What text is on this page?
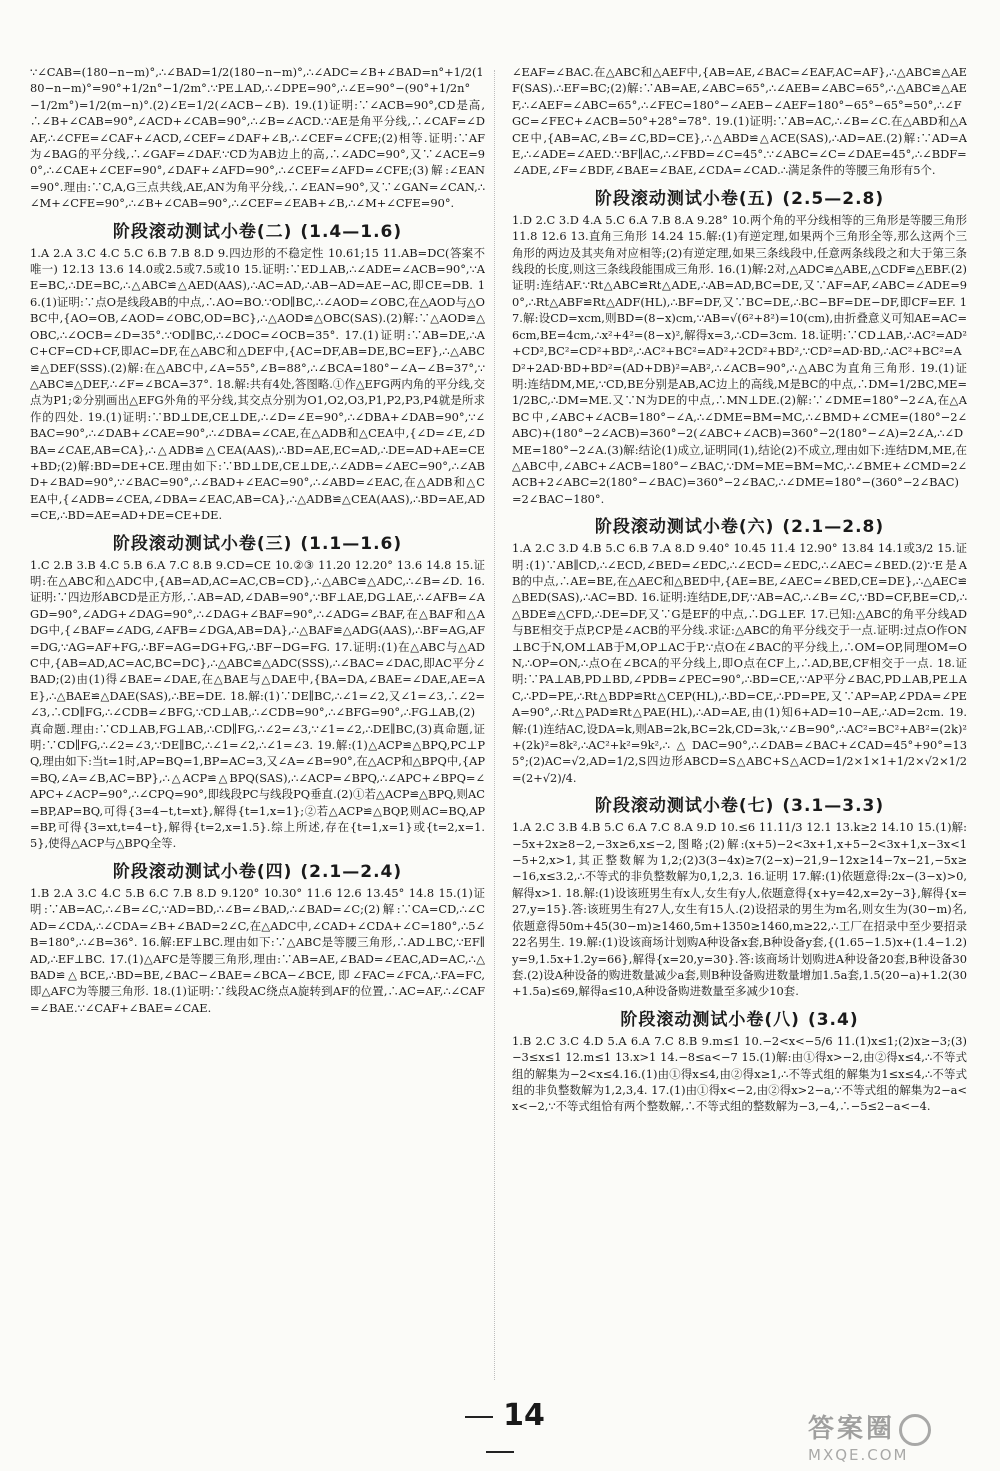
∵∠CAB=(180−n−m)°,∴∠BAD=1/2(180−n−m)°,∴∠ADC=∠B+∠BAD=n°+1/2(180−n−m)°=90°+1/2n°−1/2m°.∵PE⊥AD,∴∠DPE=90°,∴∠E=90°−(90°+1/2n°−1/2m°)=1/2(m−n)°.(2)∠E=1/2(∠ACB−∠B). 19.(1)证明:∵∠ACB=90°,CD是高,∴∠B+∠CAB=90°,∠ACD+∠CAB=90°,∴∠B=∠ACD.∵AE是角平分线,∴∠CAF=∠DAF,∴∠CFE=∠CAF+∠ACD,∠CEF=∠DAF+∠B,∴∠CEF=∠CFE;(2)相等.证明:∵AF为∠BAG的平分线,∴∠GAF=∠DAF.∵CD为AB边上的高,∴∠ADC=90°,又∵∠ACE=90°,∴∠CAE+∠CEF=90°,∠DAF+∠AFD=90°,∴∠CEF=∠AFD=∠CFE;(3)解:∠EAN=90°.理由:∵C,A,G三点共线,AE,AN为角平分线,∴∠EAN=90°,又∵∠GAN=∠CAN,∴∠M+∠CFE=90°,∴∠B+∠CAB=90°,∴∠CEF=∠EAB+∠B,∴∠M+∠CFE=90°.

阶段滚动测试小卷(二) (1.4—1.6)

1.A 2.A 3.C 4.C 5.C 6.B 7.B 8.D 9.四边形的不稳定性 10.61;15 11.AB=DC(答案不唯一) 12.13 13.6 14.0或2.5或7.5或10 15.证明:∵ED⊥AB,∴∠ADE=∠ACB=90°,∵AE=BC,∴DE=BC,∴△ABC≌△AED(AAS),∴AC=AD,∴AB−AD=AE−AC,即CE=DB. 16.(1)证明:∵点O是线段AB的中点,∴AO=BO.∵OD∥BC,∴∠AOD=∠OBC,在△AOD与△OBC中,{AO=OB,∠AOD=∠OBC,OD=BC},∴△AOD≌△OBC(SAS).(2)解:∵△AOD≌△OBC,∴∠OCB=∠D=35°.∵OD∥BC,∴∠DOC=∠OCB=35°. 17.(1)证明:∵AB=DE,∴AC+CF=CD+CF,即AC=DF,在△ABC和△DEF中,{AC=DF,AB=DE,BC=EF},∴△ABC≌△DEF(SSS).(2)解:在△ABC中,∠A=55°,∠B=88°,∴∠BCA=180°−∠A−∠B=37°,∵△ABC≌△DEF,∴∠F=∠BCA=37°. 18.解:共有4处,答图略.①作△EFG两内角的平分线,交点为P1;②分别画出△EFG外角的平分线,其交点分别为O1,O2,O3,P1,P2,P3,P4就是所求作的四处. 19.(1)证明:∵BD⊥DE,CE⊥DE,∴∠D=∠E=90°,∴∠DBA+∠DAB=90°,∵∠BAC=90°,∴∠DAB+∠CAE=90°,∴∠DBA=∠CAE,在△ADB和△CEA中,{∠D=∠E,∠DBA=∠CAE,AB=CA},∴△ADB≌△CEA(AAS),∴BD=AE,EC=AD,∴DE=AD+AE=CE+BD;(2)解:BD=DE+CE.理由如下:∵BD⊥DE,CE⊥DE,∴∠ADB=∠AEC=90°,∴∠ABD+∠BAD=90°,∵∠BAC=90°,∴∠BAD+∠EAC=90°,∴∠ABD=∠EAC,在△ADB和△CEA中,{∠ADB=∠CEA,∠DBA=∠EAC,AB=CA},∴△ADB≌△CEA(AAS),∴BD=AE,AD=CE,∴BD=AE=AD+DE=CE+DE.

阶段滚动测试小卷(三) (1.1—1.6)

1.C 2.B 3.B 4.C 5.B 6.A 7.C 8.B 9.CD=CE 10.②③ 11.20 12.20° 13.6 14.8 15.证明:在△ABC和△ADC中,{AB=AD,AC=AC,CB=CD},∴△ABC≌△ADC,∴∠B=∠D. 16.证明:∵四边形ABCD是正方形,∴AB=AD,∠DAB=90°,∵BF⊥AE,DG⊥AE,∴∠AFB=∠AGD=90°,∠ADG+∠DAG=90°,∴∠DAG+∠BAF=90°,∴∠ADG=∠BAF,在△BAF和△ADG中,{∠BAF=∠ADG,∠AFB=∠DGA,AB=DA},∴△BAF≌△ADG(AAS),∴BF=AG,AF=DG,∵AG=AF+FG,∴BF=AG=DG+FG,∴BF−DG=FG. 17.证明:(1)在△ABC与△ADC中,{AB=AD,AC=AC,BC=DC},∴△ABC≌△ADC(SSS),∴∠BAC=∠DAC,即AC平分∠BAD;(2)由(1)得∠BAE=∠DAE,在△BAE与△DAE中,{BA=DA,∠BAE=∠DAE,AE=AE},∴△BAE≌△DAE(SAS),∴BE=DE. 18.解:(1)∵DE∥BC,∴∠1=∠2,又∠1=∠3,∴∠2=∠3,∴CD∥FG,∴∠CDB=∠BFG,∵CD⊥AB,∴∠CDB=90°,∴∠BFG=90°,∴FG⊥AB,(2)真命题.理由:∵CD⊥AB,FG⊥AB,∴CD∥FG,∴∠2=∠3,∵∠1=∠2,∴DE∥BC,(3)真命题,证明:∵CD∥FG,∴∠2=∠3,∵DE∥BC,∴∠1=∠2,∴∠1=∠3. 19.解:(1)△ACP≌△BPQ,PC⊥PQ,理由如下:当t=1时,AP=BQ=1,BP=AC=3,又∠A=∠B=90°,在△ACP和△BPQ中,{AP=BQ,∠A=∠B,AC=BP},∴△ACP≌△BPQ(SAS),∴∠ACP=∠BPQ,∴∠APC+∠BPQ=∠APC+∠ACP=90°,∴∠CPQ=90°,即线段PC与线段PQ垂直.(2)①若△ACP≌△BPQ,则AC=BP,AP=BQ,可得{3=4−t,t=xt},解得{t=1,x=1};②若△ACP≌△BQP,则AC=BQ,AP=BP,可得{3=xt,t=4−t},解得{t=2,x=1.5}.综上所述,存在{t=1,x=1}或{t=2,x=1.5},使得△ACP与△BPQ全等.

阶段滚动测试小卷(四) (2.1—2.4)

1.B 2.A 3.C 4.C 5.B 6.C 7.B 8.D 9.120° 10.30° 11.6 12.6 13.45° 14.8 15.(1)证明:∵AB=AC,∴∠B=∠C,∵AD=BD,∴∠B=∠BAD,∴∠BAD=∠C;(2)解:∵CA=CD,∴∠CAD=∠CDA,∴∠CDA=∠B+∠BAD=2∠C,在△ADC中,∠CAD+∠CDA+∠C=180°,∴5∠B=180°,∴∠B=36°. 16.解:EF⊥BC.理由如下:∵△ABC是等腰三角形,∴AD⊥BC,∵EF∥AD,∴EF⊥BC. 17.(1)△AFC是等腰三角形,理由:∵AB=AE,∠BAD=∠EAC,AD=AC,∴△BAD≌△BCE,∴BD=BE,∠BAC−∠BAE=∠BCA−∠BCE,即∠FAC=∠FCA,∴FA=FC,即△AFC为等腰三角形. 18.(1)证明:∵线段AC绕点A旋转到AF的位置,∴AC=AF,∴∠CAF=∠BAE.∵∠CAF+∠BAE=∠CAE.

∠EAF=∠BAC.在△ABC和△AEF中,{AB=AE,∠BAC=∠EAF,AC=AF},∴△ABC≌△AEF(SAS).∴EF=BC;(2)解:∵AB=AE,∠ABC=65°,∴∠AEB=∠ABC=65°,∴△ABC≌△AEF,∴∠AEF=∠ABC=65°,∴∠FEC=180°−∠AEB−∠AEF=180°−65°−65°=50°,∴∠FGC=∠FEC+∠ACB=50°+28°=78°. 19.(1)证明:∵AB=AC,∴∠B=∠C.在△ABD和△ACE中,{AB=AC,∠B=∠C,BD=CE},∴△ABD≌△ACE(SAS),∴AD=AE.(2)解:∵AD=AE,∴∠ADE=∠AED.∵BF∥AC,∴∠FBD=∠C=45°.∵∠ABC=∠C=∠DAE=45°,∴∠BDF=∠ADE,∠F=∠BDF,∠BAE=∠BAE,∠CDA=∠CAD.∴满足条件的等腰三角形有5个.

阶段滚动测试小卷(五) (2.5—2.8)

1.D 2.C 3.D 4.A 5.C 6.A 7.B 8.A 9.28° 10.两个角的平分线相等的三角形是等腰三角形 11.8 12.6 13.直角三角形 14.24 15.解:(1)有逆定理,如果两个三角形全等,那么这两个三角形的两边及其夹角对应相等;(2)有逆定理,如果三条线段中,任意两条线段之和大于第三条线段的长度,则这三条线段能围成三角形. 16.(1)解:2对,△ADC≌△ABE,△CDF≌△EBF.(2)证明:连结AF.∵Rt△ABC≌Rt△ADE,∴AB=AD,BC=DE,又∵AF=AF,∠ABC=∠ADE=90°,∴Rt△ABF≌Rt△ADF(HL),∴BF=DF,又∵BC=DE,∴BC−BF=DE−DF,即CF=EF. 17.解:设CD=xcm,则BD=(8−x)cm,∵AB=√(6²+8²)=10(cm),由折叠意义可知AE=AC=6cm,BE=4cm,∴x²+4²=(8−x)²,解得x=3,∴CD=3cm. 18.证明:∵CD⊥AB,∴AC²=AD²+CD²,BC²=CD²+BD²,∴AC²+BC²=AD²+2CD²+BD²,∵CD²=AD·BD,∴AC²+BC²=AD²+2AD·BD+BD²=(AD+DB)²=AB²,∴∠ACB=90°,∴△ABC为直角三角形. 19.(1)证明:连结DM,ME,∵CD,BE分别是AB,AC边上的高线,M是BC的中点,∴DM=1/2BC,ME=1/2BC,∴DM=ME.又∵N为DE的中点,∴MN⊥DE.(2)解:∵∠DME=180°−2∠A,在△ABC中,∠ABC+∠ACB=180°−∠A,∴∠DME=BM=MC,∴∠BMD+∠CME=(180°−2∠ABC)+(180°−2∠ACB)=360°−2(∠ABC+∠ACB)=360°−2(180°−∠A)=2∠A,∴∠DME=180°−2∠A.(3)解:结论(1)成立,证明同(1),结论(2)不成立,理由如下:连结DM,ME,在△ABC中,∠ABC+∠ACB=180°−∠BAC,∵DM=ME=BM=MC,∴∠BME+∠CMD=2∠ACB+2∠ABC=2(180°−∠BAC)=360°−2∠BAC,∴∠DME=180°−(360°−2∠BAC)=2∠BAC−180°.

阶段滚动测试小卷(六) (2.1—2.8)

1.A 2.C 3.D 4.B 5.C 6.B 7.A 8.D 9.40° 10.45 11.4 12.90° 13.84 14.1或3/2 15.证明:(1)∵AB∥CD,∴∠ECD,∠BED=∠EDC,∴∠ECD=∠EDC,∴∠AEC=∠BED.(2)∵E是AB的中点,∴AE=BE,在△AEC和△BED中,{AE=BE,∠AEC=∠BED,CE=DE},∴△AEC≌△BED(SAS),∴AC=BD. 16.证明:连结DE,DF,∵AB=AC,∴∠B=∠C,∵BD=CF,BE=CD,∴△BDE≌△CFD,∴DE=DF,又∵G是EF的中点,∴DG⊥EF. 17.已知:△ABC的角平分线AD与BE相交于点P,CP是∠ACB的平分线.求证:△ABC的角平分线交于一点.证明:过点O作ON⊥BC于N,OM⊥AB于M,OP⊥AC于P,∵点O在∠BAC的平分线上,∴OM=OP,同理OM=ON,∴OP=ON,∴点O在∠BCA的平分线上,即O点在CF上,∴AD,BE,CF相交于一点. 18.证明:∵PA⊥AB,PD⊥BD,∠PDB=∠PEC=90°,∴BD=CE,∵AP平分∠BAC,PD⊥AB,PE⊥AC,∴PD=PE,∴Rt△BDP≌Rt△CEP(HL),∴BD=CE,∴PD=PE,又∵AP=AP,∠PDA=∠PEA=90°,∴Rt△PAD≌Rt△PAE(HL),∴AD=AE,由(1)知6+AD=10−AE,∴AD=2cm. 19.解:(1)连结AC,设DA=k,则AB=2k,BC=2k,CD=3k,∵∠B=90°,∴AC²=BC²+AB²=(2k)²+(2k)²=8k²,∴AC²+k²=9k²,∴△DAC=90°,∴∠DAB=∠BAC+∠CAD=45°+90°=135°;(2)AC=√2,AD=1/2,S四边形ABCD=S△ABC+S△ACD=1/2×1×1+1/2×√2×1/2=(2+√2)/4.

阶段滚动测试小卷(七) (3.1—3.3)

1.A 2.C 3.B 4.B 5.C 6.A 7.C 8.A 9.D 10.≤6 11.11/3 12.1 13.k≥2 14.10 15.(1)解:−5x+2x≥8−2,−3x≥6,x≤−2,图略;(2)解:(x+5)−2<3x+1,x+5−2<3x+1,x−3x<1−5+2,x>1,其正整数解为1,2;(2)3(3−4x)≥7(2−x)−21,9−12x≥14−7x−21,−5x≥−16,x≤3.2,∴不等式的非负整数解为0,1,2,3. 16.证明 17.解:(1)依题意得:2x−(3−x)>0,解得x>1. 18.解:(1)设该班男生有x人,女生有y人,依题意得{x+y=42,x=2y−3},解得{x=27,y=15}.答:该班男生有27人,女生有15人.(2)设招录的男生为m名,则女生为(30−m)名,依题意得50m+45(30−m)≥1460,5m+1350≥1460,m≥22,∴工厂在招录中至少要招录22名男生. 19.解:(1)设该商场计划购A种设备x套,B种设备y套,{(1.65−1.5)x+(1.4−1.2)y=9,1.5x+1.2y=66},解得{x=20,y=30}.答:该商场计划购进A种设备20套,B种设备30套.(2)设A种设备的购进数量减少a套,则B种设备购进数量增加1.5a套,1.5(20−a)+1.2(30+1.5a)≤69,解得a≤10,A种设备购进数量至多减少10套.

阶段滚动测试小卷(八) (3.4)

1.B 2.C 3.C 4.D 5.A 6.A 7.C 8.B 9.m≤1 10.−2<x<−5/6 11.(1)x≤1;(2)x≥−3;(3)−3≤x≤1 12.m≤1 13.x>1 14.−8≤a<−7 15.(1)解:由①得x>−2,由②得x≤4,∴不等式组的解集为−2<x≤4.16.(1)由①得x≤4,由②得x≥1,∴不等式组的解集为1≤x≤4,∴不等式组的非负整数解为1,2,3,4. 17.(1)由①得x<−2,由②得x>2−a,∵不等式组的解集为2−a<x<−2,∵不等式组恰有两个整数解,∴不等式组的整数解为−3,−4,∴−5≤2−a<−4.

14	答案圈
MXQE.COM
